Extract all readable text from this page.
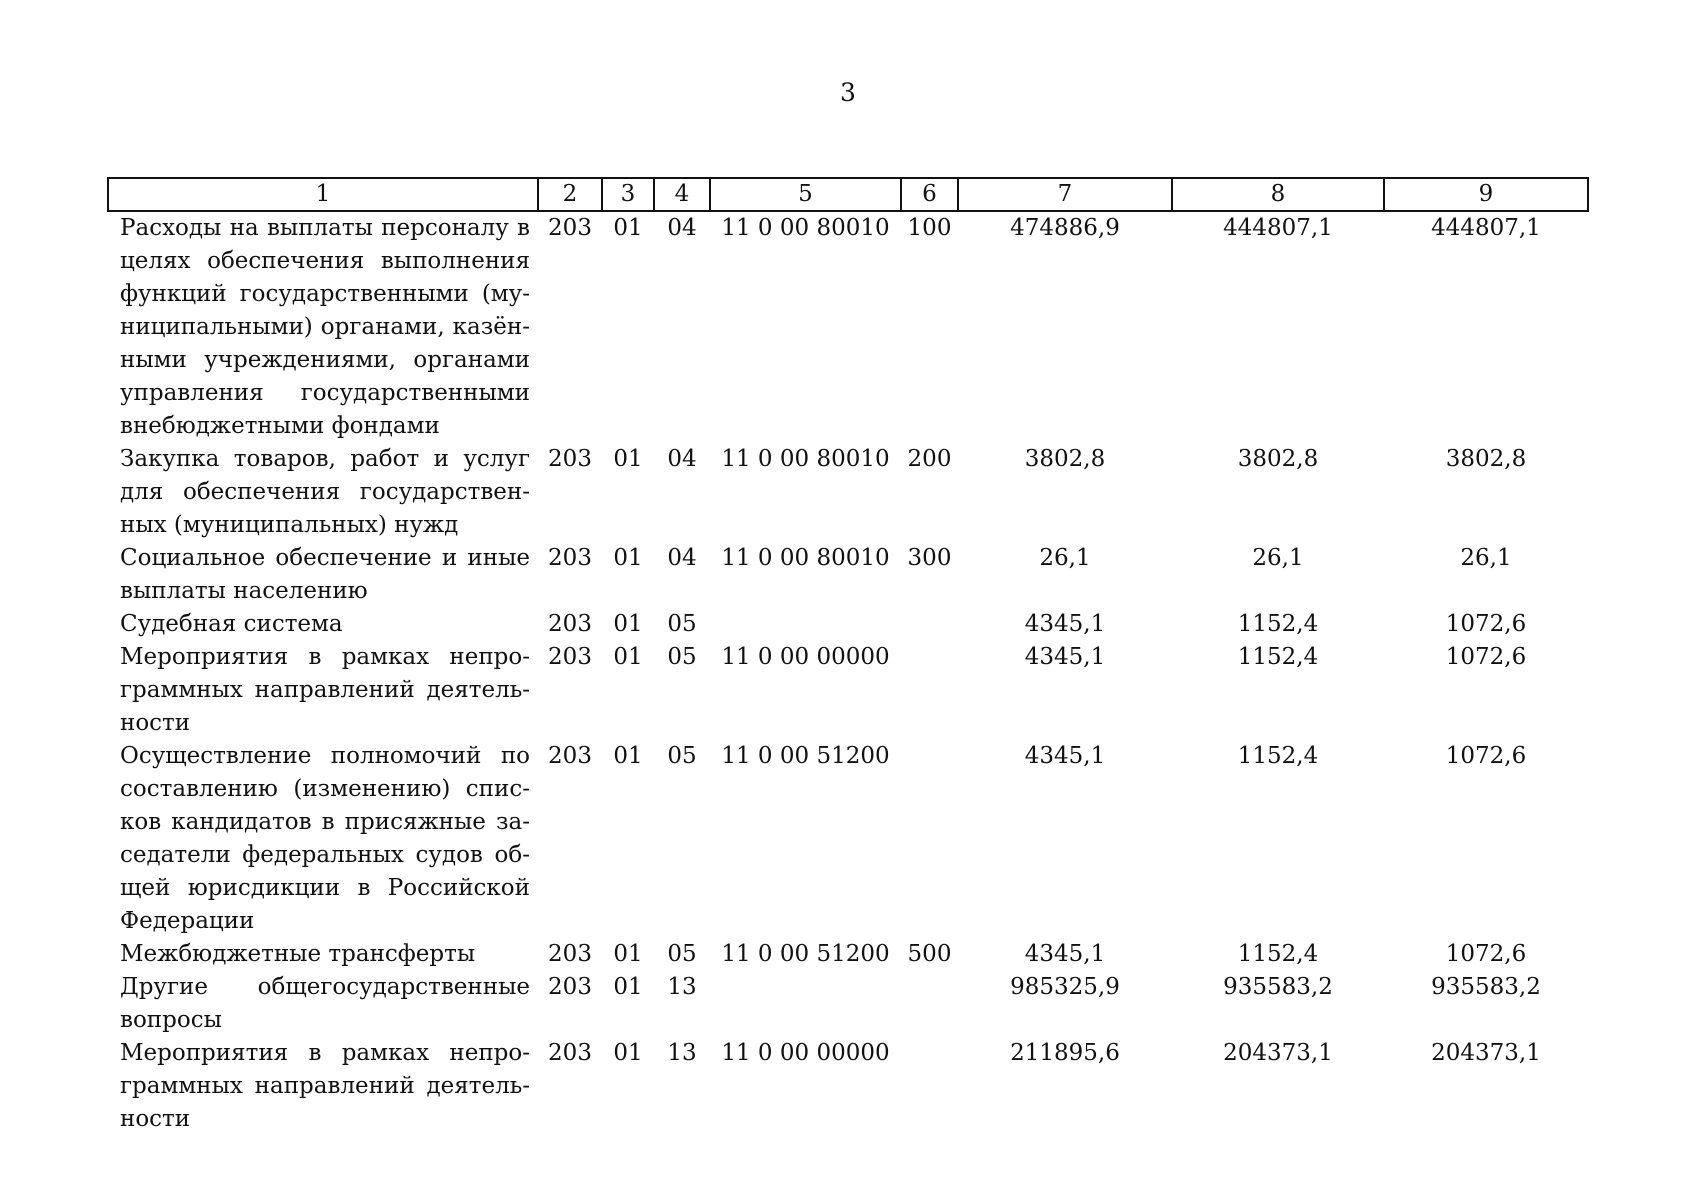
3
1	2	3	4	5	6	7	8	9
Расходы на выплаты персоналу в целях обеспечения выполнения функций государственными (муниципальными) органами, казёнными учреждениями, органами управления государственными внебюджетными фондами	203	01	04	11 0 00 80010	100	474886,9	444807,1	444807,1
Закупка товаров, работ и услуг для обеспечения государственных (муниципальных) нужд	203	01	04	11 0 00 80010	200	3802,8	3802,8	3802,8
Социальное обеспечение и иные выплаты населению	203	01	04	11 0 00 80010	300	26,1	26,1	26,1
Судебная система	203	01	05			4345,1	1152,4	1072,6
Мероприятия в рамках непрограммных направлений деятельности	203	01	05	11 0 00 00000		4345,1	1152,4	1072,6
Осуществление полномочий по составлению (изменению) списков кандидатов в присяжные заседатели федеральных судов общей юрисдикции в Российской Федерации	203	01	05	11 0 00 51200		4345,1	1152,4	1072,6
Межбюджетные трансферты	203	01	05	11 0 00 51200	500	4345,1	1152,4	1072,6
Другие общегосударственные вопросы	203	01	13			985325,9	935583,2	935583,2
Мероприятия в рамках непрограммных направлений деятельности	203	01	13	11 0 00 00000		211895,6	204373,1	204373,1
